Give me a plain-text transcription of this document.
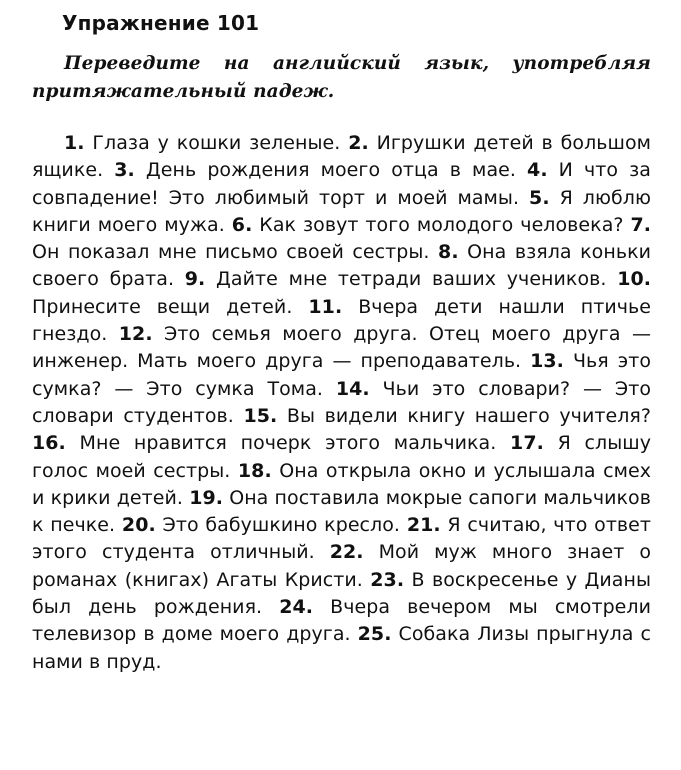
Упражнение 101

Переведите на английский язык, употребляя притяжательный падеж.

1. Глаза у кошки зеленые. 2. Игрушки детей в большом ящике. 3. День рождения моего отца в мае. 4. И что за совпадение! Это любимый торт и моей мамы. 5. Я люблю книги моего мужа. 6. Как зовут того молодого человека? 7. Он показал мне письмо своей сестры. 8. Она взяла коньки своего брата. 9. Дайте мне тетради ваших учеников. 10. Принесите вещи детей. 11. Вчера дети нашли птичье гнездо. 12. Это семья моего друга. Отец моего друга — инженер. Мать моего друга — преподаватель. 13. Чья это сумка? — Это сумка Тома. 14. Чьи это словари? — Это словари студентов. 15. Вы видели книгу нашего учителя? 16. Мне нравится почерк этого мальчика. 17. Я слышу голос моей сестры. 18. Она открыла окно и услышала смех и крики детей. 19. Она поставила мокрые сапоги мальчиков к печке. 20. Это бабушкино кресло. 21. Я считаю, что ответ этого студента отличный. 22. Мой муж много знает о романах (книгах) Агаты Кристи. 23. В воскресенье у Дианы был день рождения. 24. Вчера вечером мы смотрели телевизор в доме моего друга. 25. Собака Лизы прыгнула с нами в пруд.
